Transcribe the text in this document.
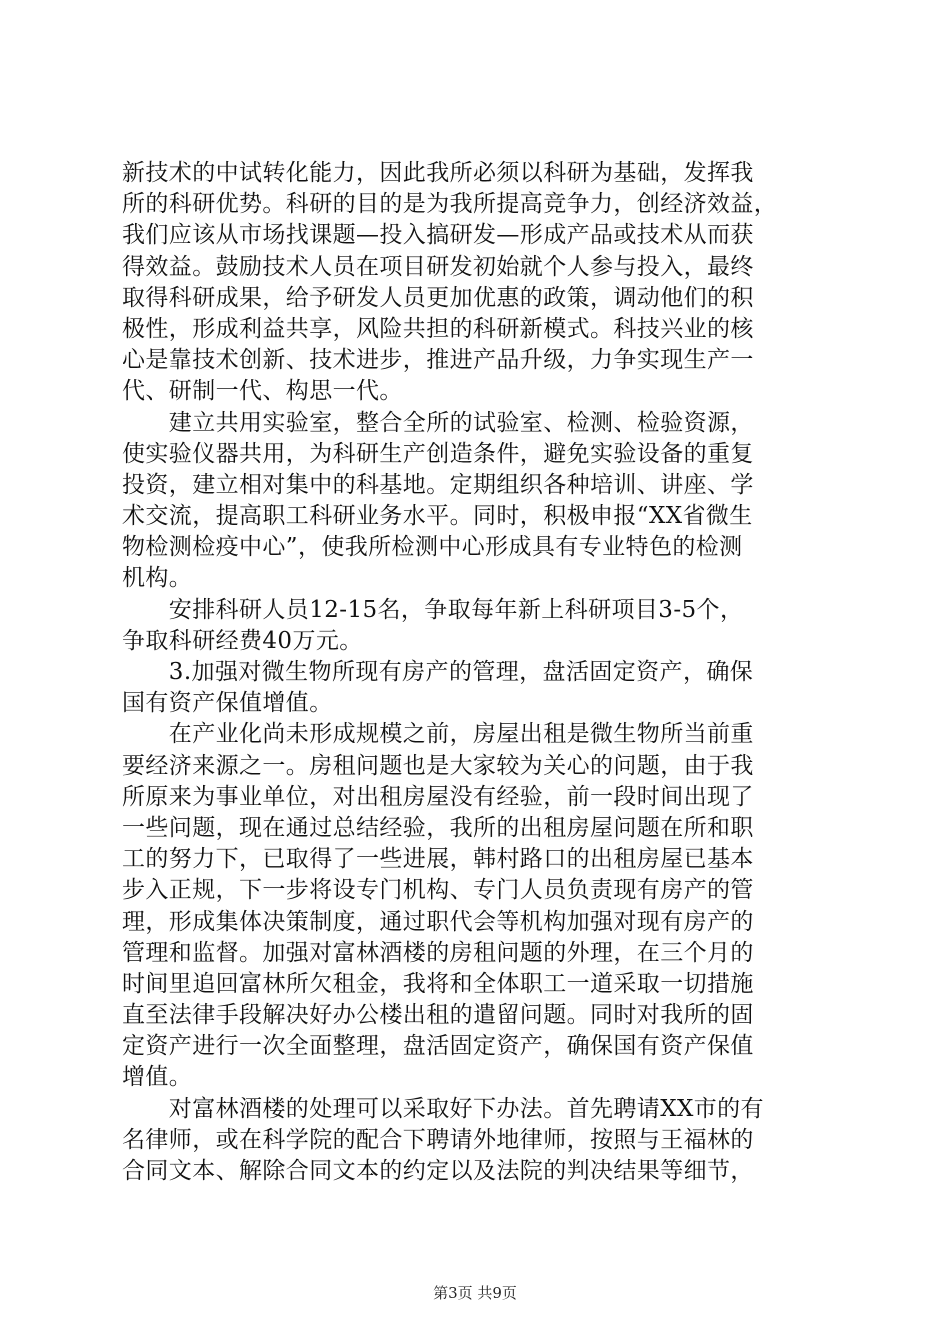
新技术的中试转化能力，因此我所必须以科研为基础，发挥我
所的科研优势。科研的目的是为我所提高竞争力，创经济效益，
我们应该从市场找课题—投入搞研发—形成产品或技术从而获
得效益。鼓励技术人员在项目研发初始就个人参与投入，最终
取得科研成果，给予研发人员更加优惠的政策，调动他们的积
极性，形成利益共享，风险共担的科研新模式。科技兴业的核
心是靠技术创新、技术进步，推进产品升级，力争实现生产一
代、研制一代、构思一代。
　　建立共用实验室，整合全所的试验室、检测、检验资源，
使实验仪器共用，为科研生产创造条件，避免实验设备的重复
投资，建立相对集中的科基地。定期组织各种培训、讲座、学
术交流，提高职工科研业务水平。同时，积极申报“XX省微生
物检测检疫中心”，使我所检测中心形成具有专业特色的检测
机构。
　　安排科研人员12-15名，争取每年新上科研项目3-5个，
争取科研经费40万元。
　　3.加强对微生物所现有房产的管理，盘活固定资产，确保
国有资产保值增值。
　　在产业化尚未形成规模之前，房屋出租是微生物所当前重
要经济来源之一。房租问题也是大家较为关心的问题，由于我
所原来为事业单位，对出租房屋没有经验，前一段时间出现了
一些问题，现在通过总结经验，我所的出租房屋问题在所和职
工的努力下，已取得了一些进展，韩村路口的出租房屋已基本
步入正规，下一步将设专门机构、专门人员负责现有房产的管
理，形成集体决策制度，通过职代会等机构加强对现有房产的
管理和监督。加强对富林酒楼的房租问题的外理，在三个月的
时间里追回富林所欠租金，我将和全体职工一道采取一切措施
直至法律手段解决好办公楼出租的遣留问题。同时对我所的固
定资产进行一次全面整理，盘活固定资产，确保国有资产保值
增值。
　　对富林酒楼的处理可以采取好下办法。首先聘请XX市的有
名律师，或在科学院的配合下聘请外地律师，按照与王福林的
合同文本、解除合同文本的约定以及法院的判决结果等细节，
第3页 共9页
